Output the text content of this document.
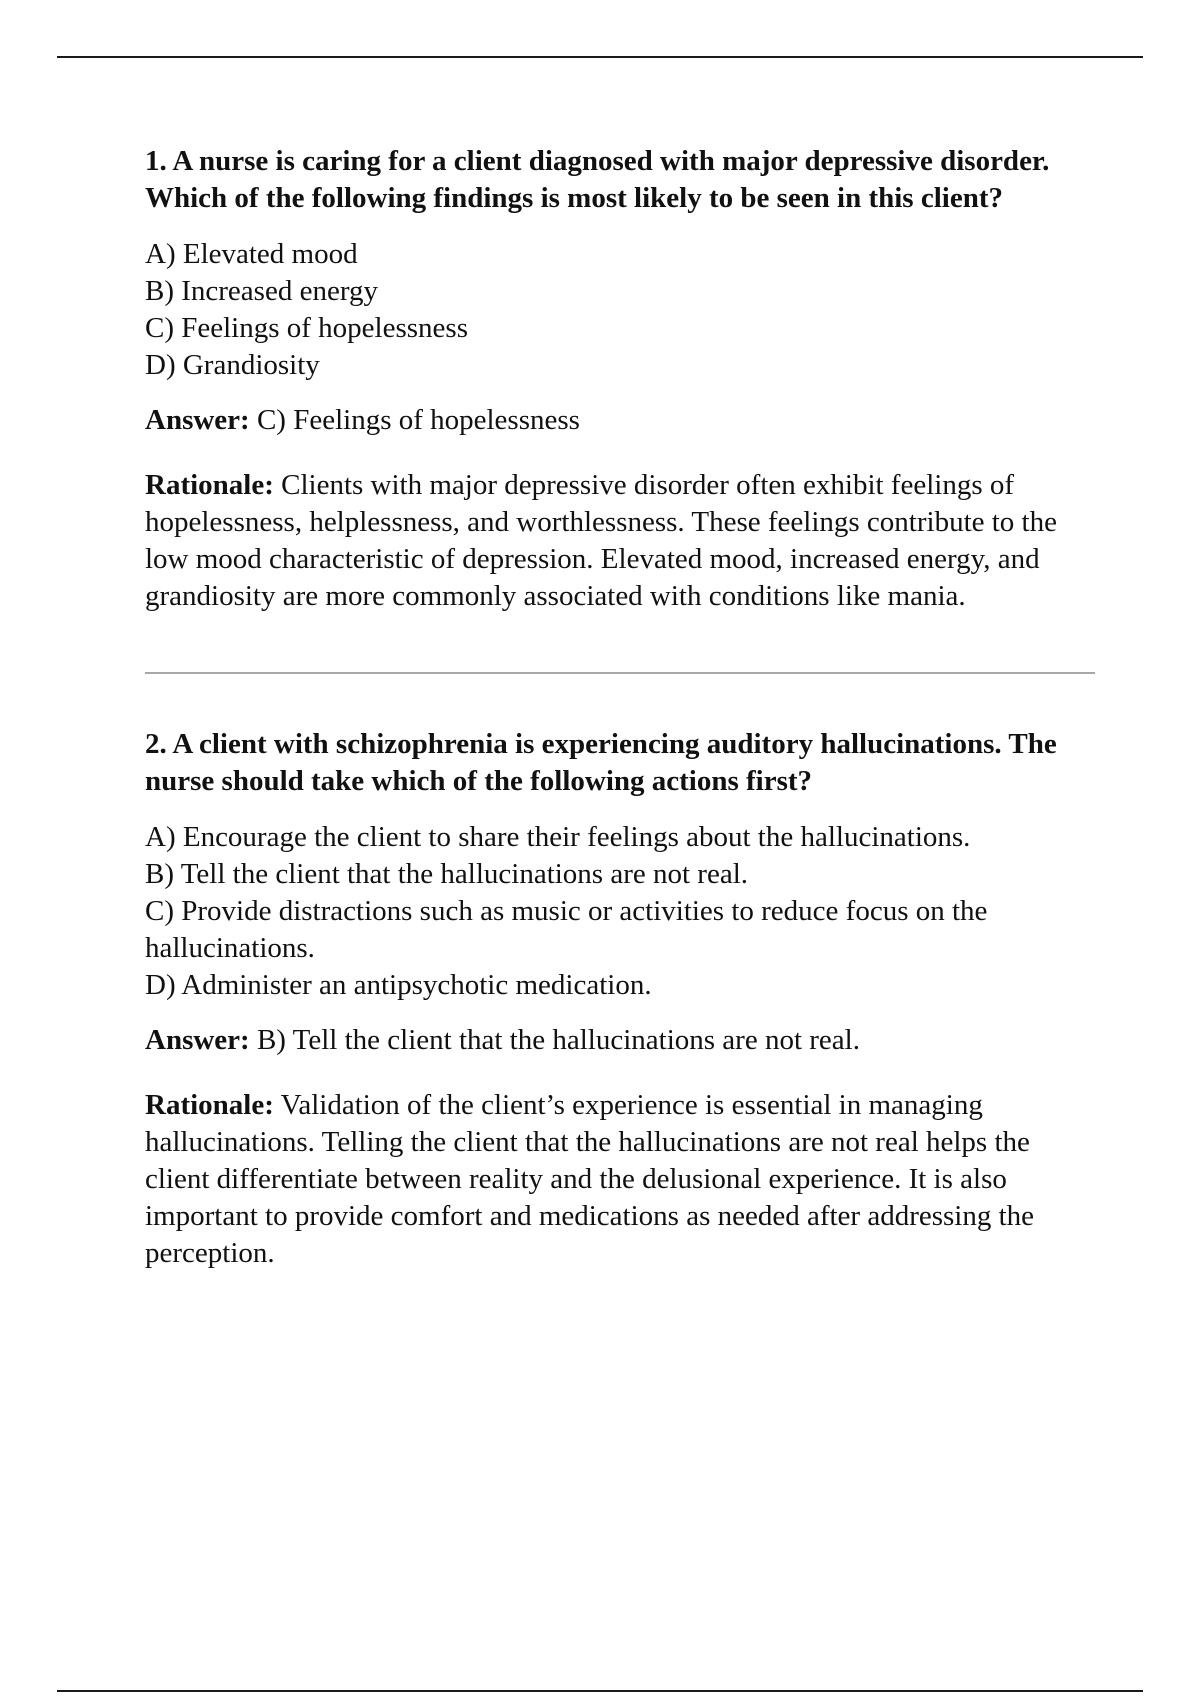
1. A nurse is caring for a client diagnosed with major depressive disorder. Which of the following findings is most likely to be seen in this client?

A) Elevated mood
B) Increased energy
C) Feelings of hopelessness
D) Grandiosity

Answer: C) Feelings of hopelessness

Rationale: Clients with major depressive disorder often exhibit feelings of hopelessness, helplessness, and worthlessness. These feelings contribute to the low mood characteristic of depression. Elevated mood, increased energy, and grandiosity are more commonly associated with conditions like mania.

2. A client with schizophrenia is experiencing auditory hallucinations. The nurse should take which of the following actions first?

A) Encourage the client to share their feelings about the hallucinations.
B) Tell the client that the hallucinations are not real.
C) Provide distractions such as music or activities to reduce focus on the hallucinations.
D) Administer an antipsychotic medication.

Answer: B) Tell the client that the hallucinations are not real.

Rationale: Validation of the client’s experience is essential in managing hallucinations. Telling the client that the hallucinations are not real helps the client differentiate between reality and the delusional experience. It is also important to provide comfort and medications as needed after addressing the perception.
